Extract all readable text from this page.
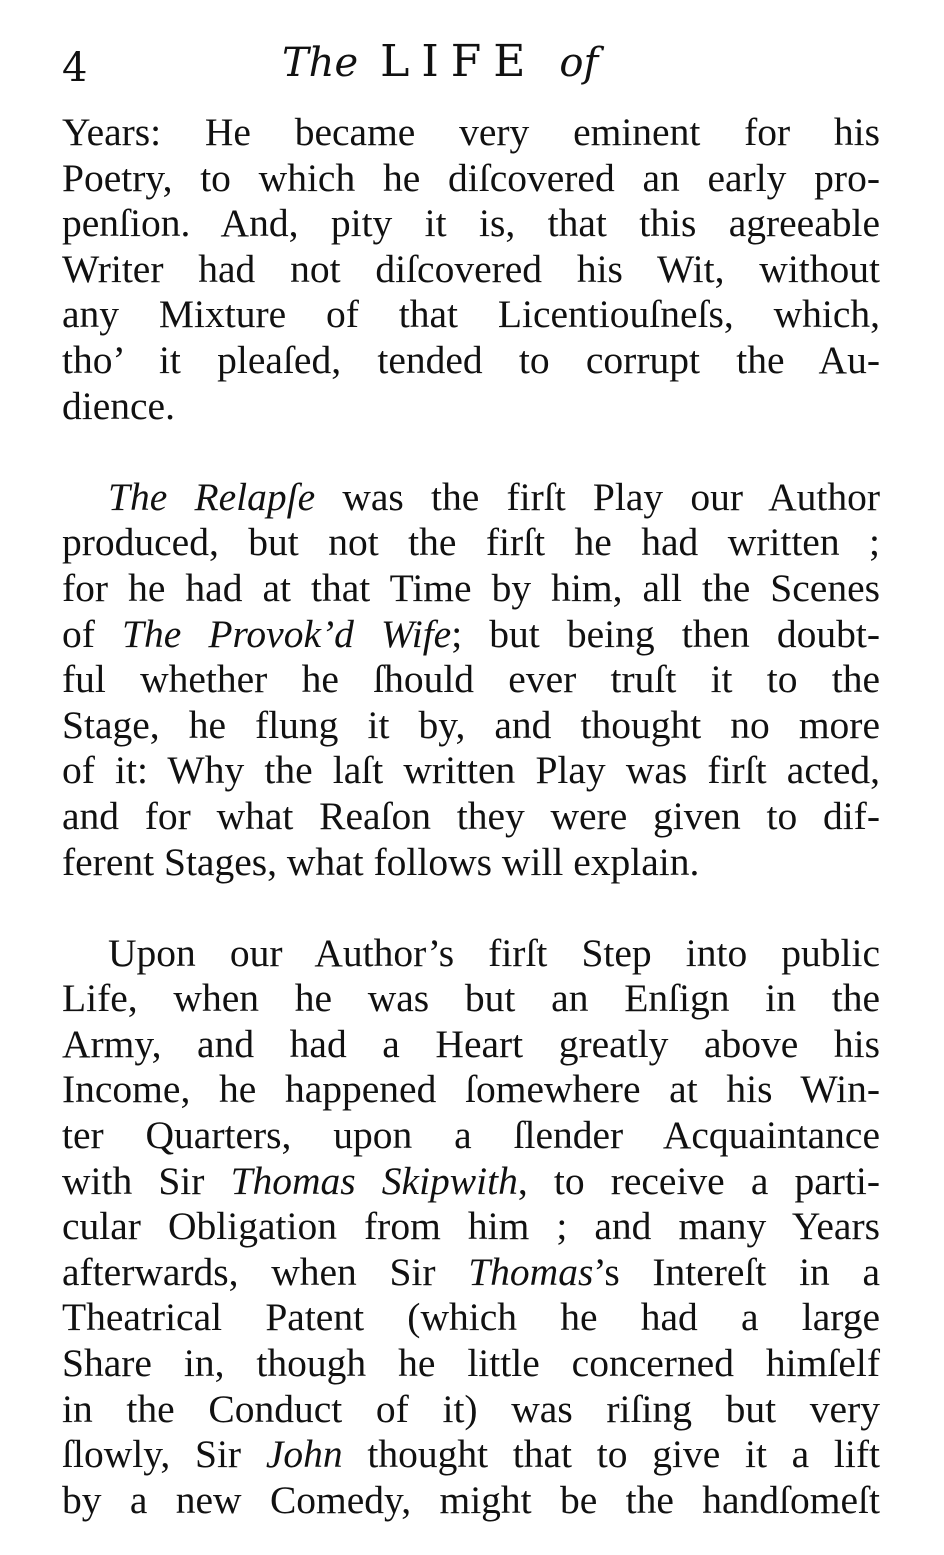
4	The LIFE of
Years: He became very eminent for his
Poetry, to which he diſcovered an early pro-
penſion. And, pity it is, that this agreeable
Writer had not diſcovered his Wit, without
any Mixture of that Licentiouſneſs, which,
tho’ it pleaſed, tended to corrupt the Au-
dience.
The Relapſe was the firſt Play our Author
produced, but not the firſt he had written ;
for he had at that Time by him, all the Scenes
of The Provok’d Wife; but being then doubt-
ful whether he ſhould ever truſt it to the
Stage, he flung it by, and thought no more
of it: Why the laſt written Play was firſt acted,
and for what Reaſon they were given to dif-
ferent Stages, what follows will explain.
Upon our Author’s firſt Step into public
Life, when he was but an Enſign in the
Army, and had a Heart greatly above his
Income, he happened ſomewhere at his Win-
ter Quarters, upon a ſlender Acquaintance
with Sir Thomas Skipwith, to receive a parti-
cular Obligation from him ; and many Years
afterwards, when Sir Thomas’s Intereſt in a
Theatrical Patent (which he had a large
Share in, though he little concerned himſelf
in the Conduct of it) was riſing but very
ſlowly, Sir John thought that to give it a lift
by a new Comedy, might be the handſomeſt
